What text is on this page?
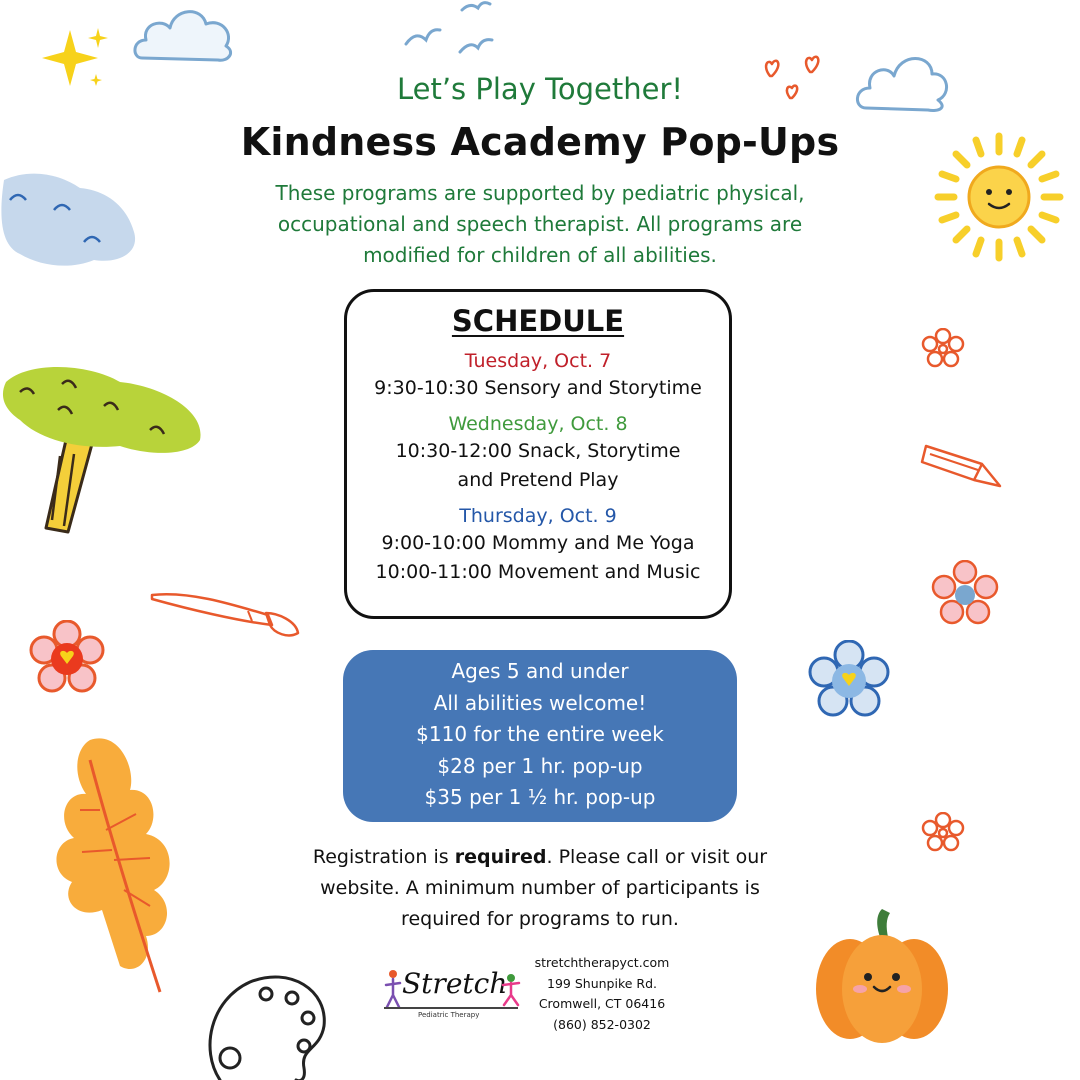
Let’s Play Together!
Kindness Academy Pop-Ups
These programs are supported by pediatric physical,
occupational and speech therapist. All programs are
modified for children of all abilities.
SCHEDULE
Tuesday, Oct. 7
9:30-10:30 Sensory and Storytime
Wednesday, Oct. 8
10:30-12:00 Snack, Storytime
and Pretend Play
Thursday, Oct. 9
9:00-10:00 Mommy and Me Yoga
10:00-11:00 Movement and Music
Ages 5 and under
All abilities welcome!
$110 for the entire week
$28 per 1 hr. pop-up
$35 per 1 ½ hr. pop-up
Registration is required. Please call or visit our website. A minimum number of participants is required for programs to run.
Stretch
Pediatric Therapy
stretchtherapyct.com
199 Shunpike Rd.
Cromwell, CT 06416
(860) 852-0302
